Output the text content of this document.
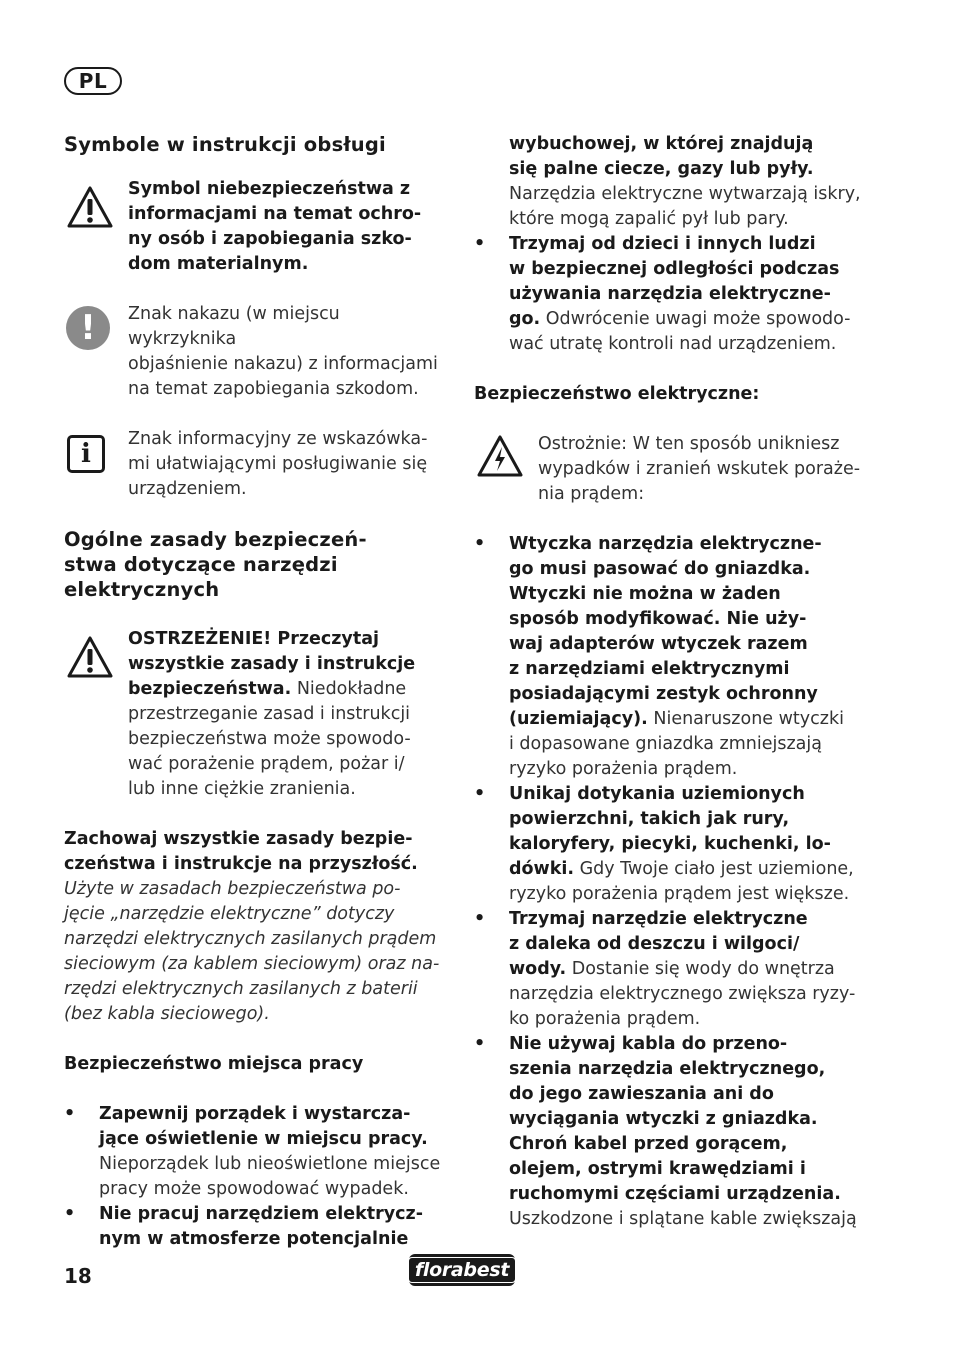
PL
Symbole w instrukcji obsługi
Symbol niebezpieczeństwa z
informacjami na temat ochro-
ny osób i zapobiegania szko-
dom materialnym.
!	Znak nakazu (w miejscu wykrzyknika
objaśnienie nakazu) z informacjami
na temat zapobiegania szkodom.
i	Znak informacyjny ze wskazówka-
mi ułatwiającymi posługiwanie się
urządzeniem.
Ogólne zasady bezpieczeń-
stwa dotyczące narzędzi
elektrycznych
OSTRZEŻENIE! Przeczytaj
wszystkie zasady i instrukcje
bezpieczeństwa. Niedokładne
przestrzeganie zasad i instrukcji
bezpieczeństwa może spowodo-
wać porażenie prądem, pożar i/
lub inne ciężkie zranienia.
Zachowaj wszystkie zasady bezpie-
czeństwa i instrukcje na przyszłość.
Użyte w zasadach bezpieczeństwa po-
jęcie „narzędzie elektryczne” dotyczy
narzędzi elektrycznych zasilanych prądem
sieciowym (za kablem sieciowym) oraz na-
rzędzi elektrycznych zasilanych z baterii
(bez kabla sieciowego).
Bezpieczeństwo miejsca pracy
•	Zapewnij porządek i wystarcza-
jące oświetlenie w miejscu pracy.
Nieporządek lub nieoświetlone miejsce
pracy może spowodować wypadek.
•	Nie pracuj narzędziem elektrycz-
nym w atmosferze potencjalnie
wybuchowej, w której znajdują
się palne ciecze, gazy lub pyły.
Narzędzia elektryczne wytwarzają iskry,
które mogą zapalić pył lub pary.
•	Trzymaj od dzieci i innych ludzi
w bezpiecznej odległości podczas
używania narzędzia elektryczne-
go. Odwrócenie uwagi może spowodo-
wać utratę kontroli nad urządzeniem.
Bezpieczeństwo elektryczne:
Ostrożnie: W ten sposób unikniesz
wypadków i zranień wskutek poraże-
nia prądem:
•	Wtyczka narzędzia elektryczne-
go musi pasować do gniazdka.
Wtyczki nie można w żaden
sposób modyfikować. Nie uży-
waj adapterów wtyczek razem
z narzędziami elektrycznymi
posiadającymi zestyk ochronny
(uziemiający). Nienaruszone wtyczki
i dopasowane gniazdka zmniejszają
ryzyko porażenia prądem.
•	Unikaj dotykania uziemionych
powierzchni, takich jak rury,
kaloryfery, piecyki, kuchenki, lo-
dówki. Gdy Twoje ciało jest uziemione,
ryzyko porażenia prądem jest większe.
•	Trzymaj narzędzie elektryczne
z daleka od deszczu i wilgoci/
wody. Dostanie się wody do wnętrza
narzędzia elektrycznego zwiększa ryzy-
ko porażenia prądem.
•	Nie używaj kabla do przeno-
szenia narzędzia elektrycznego,
do jego zawieszania ani do
wyciągania wtyczki z gniazdka.
Chroń kabel przed gorącem,
olejem, ostrymi krawędziami i
ruchomymi częściami urządzenia.
Uszkodzone i splątane kable zwiększają
18	florabest
